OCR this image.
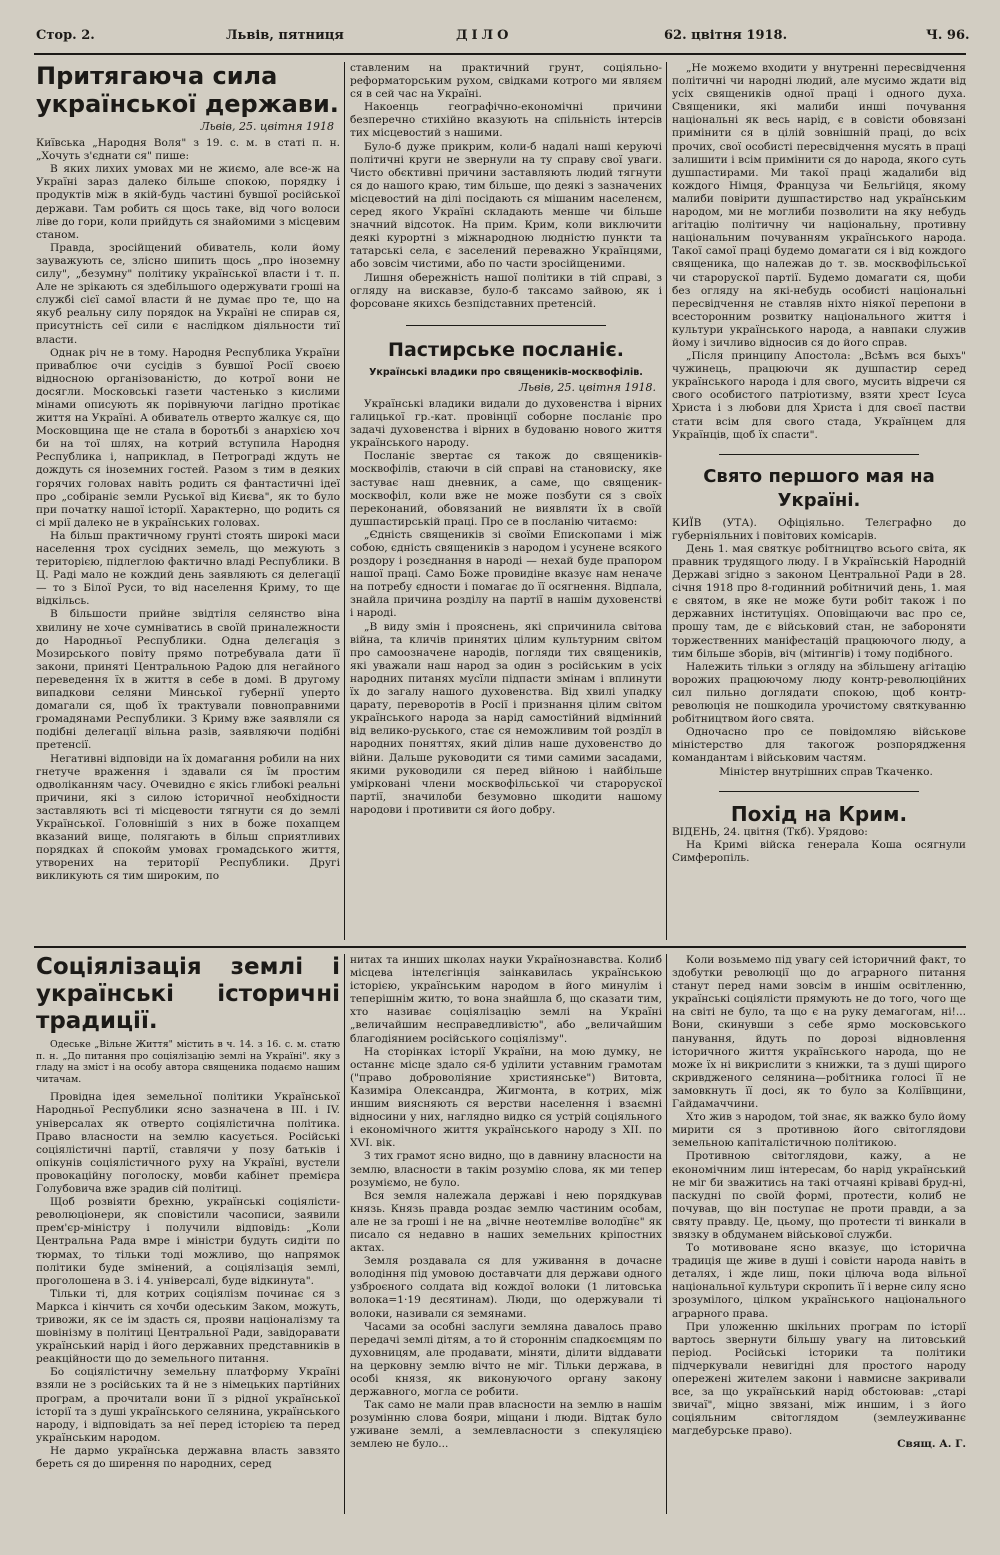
Стор. 2.	Львів, пятниця	ДІЛО	62. цвітня 1918.	Ч. 96.
Притягаюча сила української держави.
Львів, 25. цвітня 1918

Київська „Народня Воля" з 19. с. м. в статі п. н. „Хочуть з'єднати ся" пише:

В яких лихих умовах ми не жиємо, але все-ж на Україні зараз далеко більше спокою, порядку і продуктів між в якій-будь частині бувшої російської держави. Там робить ся щось таке, від чого волоси ліве до гори, коли прийдуть ся знайомими з місцевим станом.

Правда, зросійщений обиватель, коли йому зауважують се, злісно шипить щось „про іноземну силу", „безумну" політику української власти і т. п. Але не зрікають ся здебільшого одержувати гроші на службі сієї самої власти й не думає про те, що на якуб реальну силу порядок на Україні не спирав ся, присутність сеї сили є наслідком діяльности тиї власти.

Однак річ не в тому. Народня Республика України приваблює очи сусідів з бувшої Росії своєю відносною організованістю, до котрої вони не досягли. Московські газети частенько з кислими мінами описують як порівнуючи лагідно протікає життя на Україні. А обиватель отверто жалкує ся, що Московщина ще не стала в боротьбі з анархією хоч би на тої шлях, на котрий вступила Народня Республика і, наприклад, в Петрограді ждуть не дождуть ся іноземних гостей. Разом з тим в деяких горячих головах навіть родить ся фантастичні ідеї про „собіраніє земли Руської від Києва", як то було при початку нашої історії. Характерно, що родить ся сі мрії далеко не в українських головах.

На більш практичному грунті стоять широкі маси населення трох сусідних земель, що межують з територією, підлеглою фактично владі Республики. В Ц. Раді мало не кождий день заявляють ся делегації — то з Білої Руси, то від населення Криму, то ще відкільсь.

В більшости прийне звідтіля селянство віна хвилину не хоче сумніватись в своїй приналежности до Народньої Республики. Одна делєгація з Мозирського повіту прямо потребувала дати її закони, приняті Центральною Радою для негайного переведення їх в життя в себе в домі. В другому випадкови селяни Минської губернії уперто домагали ся, щоб їх трактували повноправними громадянами Республики. З Криму вже заявляли ся подібні делегації вільна разів, заявляючи подібні претенсії.

Негативні відповіди на їх домагання робили на них гнетуче враження і здавали ся їм простим одволіканням часу. Очевидно є якісь глибокі реальні причини, які з силою історичної необхідности заставляють всі ті місцевости тягнути ся до землі Української. Головнішій з них в боже похапцем вказаний вище, полягають в більш сприятливих порядках й спокойм умовах громадського життя, утворених на території Республики. Другі викликують ся тим широким, по

ставленим на практичний грунт, соціяльно-реформаторським рухом, свідками котрого ми являєм ся в сей час на Україні.

Накоенць географічно-економічні причини безперечно стихійно вказують на спільність інтерсів тих місцевостий з нашими.

Було-б дуже прикрим, коли-б надалі наші керуючі політичні круги не звернули на ту справу свої уваги. Чисто обєктивні причини заставляють людий тягнути ся до нашого краю, тим більше, що деякі з зазначених місцевостий на ділі посідають ся мішаним населенєм, серед якого Україні складають менше чи більше значний відсоток. На прим. Крим, коли виключити деякі курортні з міжнародною людністю пункти та татарські села, є заселений переважно Українцями, або зовсім чистими, або по части зросійщеними.

Лишня обережність нашої політики в тій справі, з огляду на вискавзе, було-б таксамо зайвою, як і форсоване якихсь безпідставних претенсій.

Пастирське посланіє.
Українські владики про священиків-москвофілів.
Львів, 25. цвітня 1918.

Українські владики видали до духовенства і вірних галицької гр.-кат. провінції соборне посланіє про задачі духовенства і вірних в будованю нового життя українського народу.

Посланіє звертає ся також до священиків-москвофілів, стаючи в сій справі на становиску, яке застуває наш дневник, а саме, що священик-москвофіл, коли вже не може позбути ся з своїх переконаний, обовязаний не виявляти їх в своїй душпастирській праці. Про се в посланію читаємо:

„Єдність священиків зі своїми Епископами і між собою, єдність священиків з народом і усунене всякого роздору і розєднання в народі — нехай буде прапором нашої праці. Само Боже провидіне вказує нам неначе на потребу єдности і помагає до її осягнення. Відпала, знайла причина розділу на партії в нашім духовенстві і народі.

„В виду змін і прояснень, які спричинила світова війна, та кличів принятих цілим культурним світом про самоозначене народів, погляди тих священиків, які уважали наш народ за один з російським в усіх народних питанях мусїли підпасти змінам і вплинути їх до загалу нашого духовенства. Від хвилі упадку царату, переворотів в Росії і признання цілим світом українського народа за нарід самостійний відмінний від велико-руського, стає ся неможливим той роздїл в народних поняттях, який ділив наше духовенство до війни. Дальше руководити ся тими самими засадами, якими руководили ся перед війною і найбільше умірковані члени москвофільської чи старорускої партії, значилоби безумовно шкодити нашому народови і противити ся його добру.

„Не можемо входити у внутренні пересвідчення політичні чи народні людий, але мусимо ждати від усіх священиків одної праці і одного духа. Священики, які малиби инші почування національні як весь нарід, є в совісти обовязані примінити ся в цілій зовнішній праці, до всіх прочих, свої особисті пересвідчення мусять в праці залишити і всім примінити ся до народа, якого суть душпастирами. Ми такої праці жадалиби від кождого Німця, Француза чи Бельгійця, якому малиби повірити душпастирство над українським народом, ми не моглиби позволити на яку небудь агітацію політичну чи національну, противну національним почуванням українського народа. Такої самої праці будемо домагати ся і від кождого священика, що належав до т. зв. москвофільської чи старорускої партії. Будемо домагати ся, щоби без огляду на які-небудь особисті національні пересвідчення не ставляв ніхто ніякої перепони в всесторонним розвитку національного життя і культури українського народа, а навпаки служив йому і зичливо відносив ся до його справ.

„Після принципу Апостола: „Всѣмъ вся быхъ" чужинець, працюючи як душпастир серед українського народа і для свого, мусить відречи ся свого особистого патріотизму, взяти хрест Ісуса Христа і з любови для Христа і для своєї пастви стати всім для свого стада, Українцем для Українців, щоб їх спасти".

Свято першого мая на Україні.

КИЇВ (УТА). Офіціяльно. Телєграфно до губерніяльних і повітових комісарів.

День 1. мая святкує робітництво всього світа, як правник трудящого люду. І в Українській Народній Державі згідно з законом Центральної Ради в 28. січня 1918 про 8-годинний робітничий день, 1. мая є святом, в яке не може бути робіт також і по державних інституціях. Оповіщаючи вас про се, прошу там, де є військовий стан, не забороняти торжественних маніфестацій працюючого люду, а тим більше зборів, віч (мітингів) і тому подібного.

Належить тільки з огляду на збільшену агітацію ворожих працюючому люду контр-революційних сил пильно доглядати спокою, щоб контр-революція не пошкодила урочистому святкуванню робітництвом його свята.

Одночасно про се повідомляю військове міністерство для такогож розпорядження командантам і військовим частям.

Міністер внутрішних справ Ткаченко.

Похід на Крим.

ВІДЕНЬ, 24. цвітня (Ткб). Урядово:

На Кримі війска генерала Коша осягнули Симферопіль.

Соціялізація землі і українські історичні традиції.

Одеське „Вільне Життя" містить в ч. 14. з 16. с. м. статю п. н. „До питання про соціялізацію землі на Україні". яку з гладу на зміст і на особу автора священика подаємо нашим читачам.

Провідна ідея земельної політики Української Народньої Республики ясно зазначена в ІІІ. і IV. універсалах як отверто соціялістична політика. Право власности на землю касується. Російські соціялістичні партії, ставлячи у позу батьків і опікунів соціялістичного руху на Україні, вустели провокаційну поголоску, мовби кабінет премієра Голубовича вже зрадив сій політиці.

Щоб розвіяти брехню, українські соціялісти-революціонери, як сповістили часописи, заявили прем'єр-міністру і получили відповідь: „Коли Центральна Рада вмре і міністри будуть сидіти по тюрмах, то тільки тоді можливо, що напрямок політики буде змінений, а соціялізація землі, проголошена в 3. і 4. універсалі, буде відкинута".

Тільки ті, для котрих соціялізм починає ся з Маркса і кінчить ся хочби одеським Заком, можуть, тривожи, як се ім здасть ся, прояви націоналізму та шовінізму в політиці Центральної Ради, завідоравати український нарід і його державних представників в реакційности що до земельного питання.

Бо соціялістичну земельну платформу Україні взяли не з російських та й не з німецьких партійних програм, а прочитали вони її з рідної української історії та з душі українського селянина, українського народу, і відповідать за неї перед історією та перед українським народом.

Не дармо українська державна власть завзято береть ся до ширення по народних, серед

нитах та инших школах науки Українознавства. Колиб місцева інтелєгінція заінкавилась українською історією, українським народом в його минулім і теперішнім житю, то вона знайшла б, що сказати тим, хто називає соціялізацію землі на Україні „величайшим несправедливістю", або „величайшим благодіянием російського соціялізму".

На сторінках історії України, на мою думку, не останнє місце здало ся-б уділити уставним грамотам ("право доброволіяние християнське") Витовта, Казиміра Олександра, Жигмонта, в котрих, між иншим виясняють ся верстви населення і взаємні відносини у них, наглядно видко ся устрій соціяльного і економічного життя українського народу з ХІІ. по XVI. вік.

З тих грамот ясно видно, що в давнину власности на землю, власности в такім розумію слова, як ми тепер розуміємо, не було.

Вся земля належала державі і нею порядкував князь. Князь правда роздає землю частиним особам, але не за гроші і не на „вічне неотемліве володїнє" як писало ся недавно в наших земельних кріпостних актах.

Земля роздавала ся для уживання в дочасне володіння під умовою доставчати для держави одного узброєного солдата від кождої волоки (1 литовська волока=1·19 десятинам). Люди, що одержували ті волоки, називали ся земянами.

Часами за особні заслуги земляна давалось право передачі землі дітям, а то й стороннім спадкоємцям по духовницям, але продавати, міняти, ділити віддавати на церковну землю вічто не міг. Тільки держава, в особі князя, як виконуючого органу закону державного, могла се робити.

Так само не мали прав власности на землю в нашім розумінню слова бояри, міщани і люди. Відтак було уживане землі, а землевласности з спекуляцією землею не було...

Коли возьмемо під увагу сей історичний факт, то здобутки революції що до аграрного питання станут перед нами зовсім в иншім освітленню, українські соціялісти прямують не до того, чого ще на світі не було, та що є на руку демагогам, ні!... Вони, скинувши з себе ярмо московського панування, йдуть по дорозі відновлення історичного життя українського народа, що не може їх ні викрислити з книжки, та з душі щирого скривдженого селянина—робітника голосі її не замовкнуть її досі, як то було за Коліївщини, Гайдамаччини.

Хто жив з народом, той знає, як важко було йому мирити ся з противною його світоглядови земельною капіталістичною політикою.

Противною світоглядови, кажу, а не економічним лиш інтересам, бо нарід український не міг би зважитись на такі отчаяні кріваві бруд-ні, паскудні по своїй формі, протести, колиб не почував, що він поступає не проти правди, а за святу правду. Це, цьому, що протести ті винкали в звязку в обдуманем військової служби.

То мотивоване ясно вказує, що історична традиція ще живе в душі і совісти народа навіть в деталях, і жде лиш, поки цілюча вода вільної національної культури скропить її і верне силу ясно зрозумілого, цілком українського національного аграрного права.

При уложенню шкільних програм по історії вартось звернути більшу увагу на литовський період. Російські історики та політики підчеркували невигідні для простого народу опережені жителем закони і навмисне закривали все, за що український нарід обстоював: „старі звичаї", міцно звязані, між иншим, і з його соціяльним світоглядом (землеуживаннє магдебурське право).

Свящ. А. Г.
